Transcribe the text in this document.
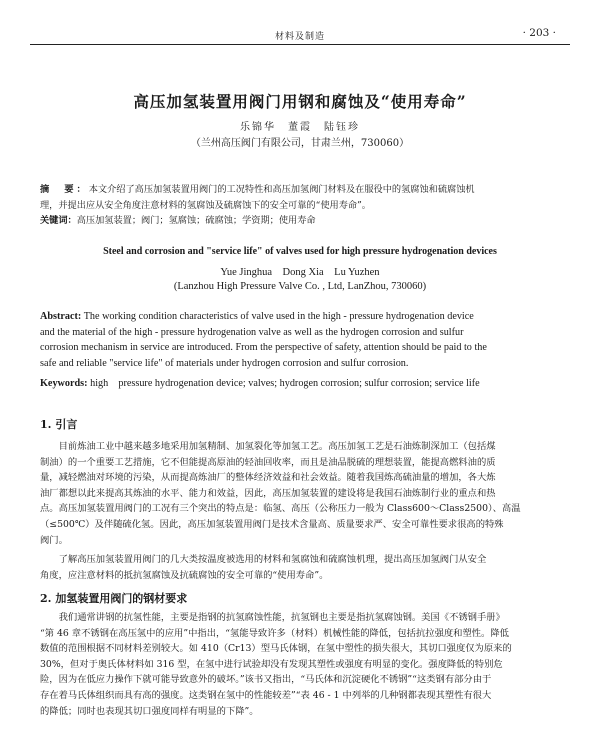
材料及制造	· 203 ·
高压加氢装置用阀门用钢和腐蚀及“使用寿命”
乐锦华　董霞　陆钰珍
（兰州高压阀门有限公司，甘肃兰州，730060）
摘　要：本文介绍了高压加氢装置用阀门的工况特性和高压加氢阀门材料及在服役中的氢腐蚀和硫腐蚀机
理，并提出应从安全角度注意材料的氢腐蚀及硫腐蚀下的安全可靠的“使用寿命”。
关键词：高压加氢装置；阀门；氢腐蚀；硫腐蚀；学资期；使用寿命
Steel and corrosion and "service life" of valves used for high pressure hydrogenation devices
Yue Jinghua　Dong Xia　Lu Yuzhen
(Lanzhou High Pressure Valve Co. , Ltd, LanZhou, 730060)
Abstract: The working condition characteristics of valve used in the high - pressure hydrogenation device
and the material of the high - pressure hydrogenation valve as well as the hydrogen corrosion and sulfur
corrosion mechanism in service are introduced. From the perspective of safety, attention should be paid to the
safe and reliable "service life" of materials under hydrogen corrosion and sulfur corrosion.
Keywords: high　pressure hydrogenation device; valves; hydrogen corrosion; sulfur corrosion; service life
1. 引言
目前炼油工业中越来越多地采用加氢精制、加氢裂化等加氢工艺。高压加氢工艺是石油炼制深加工（包括煤
制油）的一个重要工艺措施，它不但能提高原油的轻油回收率，而且是油品脱硫的理想装置，能提高燃料油的质
量，减轻燃油对环境的污染，从而提高炼油厂的整体经济效益和社会效益。随着我国炼高硫油量的增加，各大炼
油厂都想以此来提高其炼油的水平、能力和效益，因此，高压加氢装置的建设将是我国石油炼制行业的重点和热
点。高压加氢装置用阀门的工况有三个突出的特点是：临氢、高压（公称压力一般为 Class600～Class2500）、高温
（≤500℃）及伴随硫化氢。因此，高压加氢装置用阀门是技术含量高、质量要求严、安全可靠性要求很高的特殊
阀门。
了解高压加氢装置用阀门的几大类按温度被选用的材料和氢腐蚀和硫腐蚀机理，提出高压加氢阀门从安全
角度，应注意材料的抵抗氢腐蚀及抗硫腐蚀的安全可靠的“使用寿命”。
2. 加氢装置用阀门的钢材要求
我们通常讲钢的抗氢性能，主要是指钢的抗氢腐蚀性能，抗氢钢也主要是指抗氢腐蚀钢。美国《不锈钢手册》
“第 46 章不锈钢在高压氢中的应用”中指出，“氢能导致许多（材料）机械性能的降低，包括抗拉强度和塑性。降低
数值的范围根据不同材料差别较大。如 410（Cr13）型马氏体钢，在氢中塑性的损失很大，其切口强度仅为原来的
30%，但对于奥氏体材料如 316 型，在氢中进行试验却没有发现其塑性或强度有明显的变化。强度降低的特别危
险，因为在低应力操作下就可能导致意外的破坏。”该书又指出，“马氏体和沉淀硬化不锈钢”“这类钢有部分由于
存在着马氏体组织而具有高的强度。这类钢在氢中的性能较差”“表 46 - 1 中列举的几种钢都表现其塑性有很大
的降低；同时也表现其切口强度同样有明显的下降”。
